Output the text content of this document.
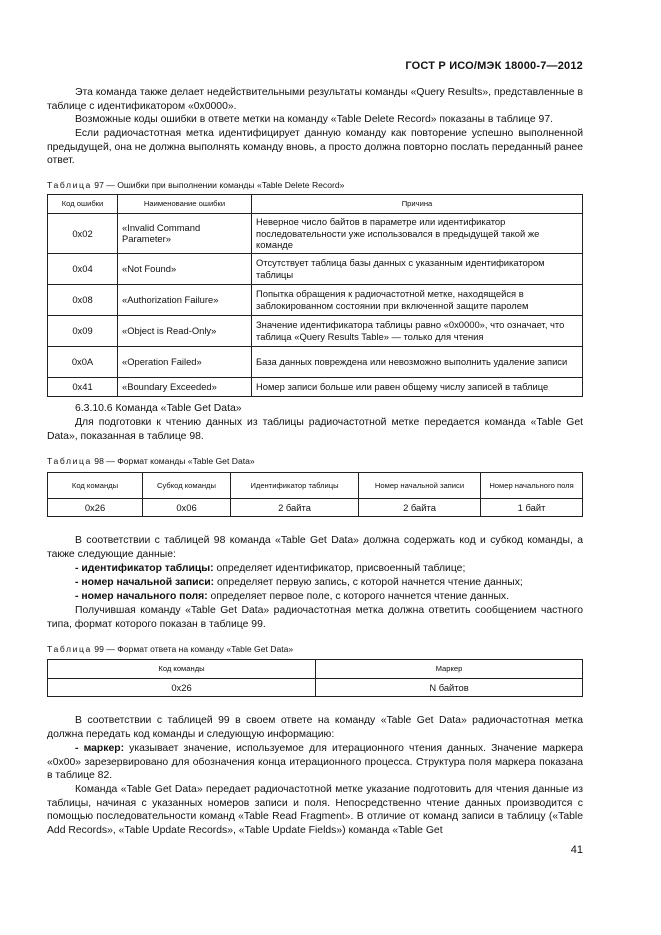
ГОСТ Р ИСО/МЭК 18000-7—2012

Эта команда также делает недействительными результаты команды «Query Results», представленные в таблице с идентификатором «0x0000».

Возможные коды ошибки в ответе метки на команду «Table Delete Record» показаны в таблице 97.

Если радиочастотная метка идентифицирует данную команду как повторение успешно выполненной предыдущей, она не должна выполнять команду вновь, а просто должна повторно послать переданный ранее ответ.

Таблица 97 — Ошибки при выполнении команды «Table Delete Record»

Код ошибки	Наименование ошибки	Причина
0x02	«Invalid Command Parameter»	Неверное число байтов в параметре или идентификатор последовательности уже использовался в предыдущей такой же команде
0x04	«Not Found»	Отсутствует таблица базы данных с указанным идентификатором таблицы
0x08	«Authorization Failure»	Попытка обращения к радиочастотной метке, находящейся в заблокированном состоянии при включенной защите паролем
0x09	«Object is Read-Only»	Значение идентификатора таблицы равно «0x0000», что означает, что таблица «Query Results Table» — только для чтения
0x0A	«Operation Failed»	База данных повреждена или невозможно выполнить удаление записи
0x41	«Boundary Exceeded»	Номер записи больше или равен общему числу записей в таблице

6.3.10.6 Команда «Table Get Data»

Для подготовки к чтению данных из таблицы радиочастотной метке передается команда «Table Get Data», показанная в таблице 98.

Таблица 98 — Формат команды «Table Get Data»

Код команды	Субкод команды	Идентификатор таблицы	Номер начальной записи	Номер начального поля
0x26	0x06	2 байта	2 байта	1 байт

В соответствии с таблицей 98 команда «Table Get Data» должна содержать код и субкод команды, а также следующие данные:

- идентификатор таблицы: определяет идентификатор, присвоенный таблице;

- номер начальной записи: определяет первую запись, с которой начнется чтение данных;

- номер начального поля: определяет первое поле, с которого начнется чтение данных.

Получившая команду «Table Get Data» радиочастотная метка должна ответить сообщением частного типа, формат которого показан в таблице 99.

Таблица 99 — Формат ответа на команду «Table Get Data»

Код команды	Маркер
0x26	N байтов

В соответствии с таблицей 99 в своем ответе на команду «Table Get Data» радиочастотная метка должна передать код команды и следующую информацию:

- маркер: указывает значение, используемое для итерационного чтения данных. Значение маркера «0x00» зарезервировано для обозначения конца итерационного процесса. Структура поля маркера показана в таблице 82.

Команда «Table Get Data» передает радиочастотной метке указание подготовить для чтения данные из таблицы, начиная с указанных номеров записи и поля. Непосредственно чтение данных производится с помощью последовательности команд «Table Read Fragment». В отличие от команд записи в таблицу («Table Add Records», «Table Update Records», «Table Update Fields») команда «Table Get

41
